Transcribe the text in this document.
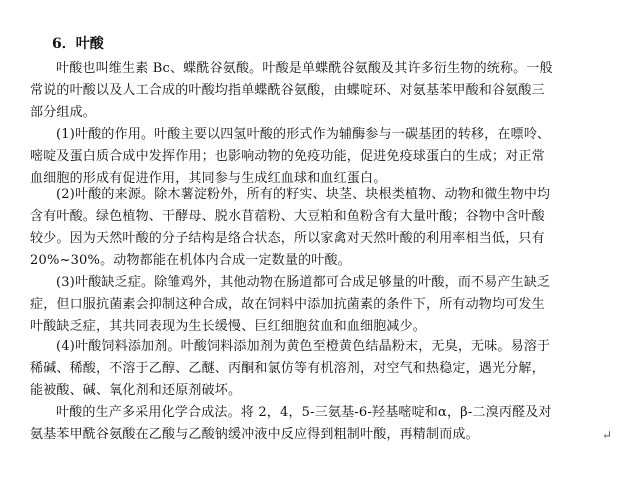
6．叶酸
叶酸也叫维生素 Bc、蝶酰谷氨酸。叶酸是单蝶酰谷氨酸及其许多衍生物的统称。一般
常说的叶酸以及人工合成的叶酸均指单蝶酰谷氨酸，由蝶啶环、对氨基苯甲酸和谷氨酸三
部分组成。
(1)叶酸的作用。叶酸主要以四氢叶酸的形式作为辅酶参与一碳基团的转移，在嘌呤、
嘧啶及蛋白质合成中发挥作用；也影响动物的免疫功能，促进免疫球蛋白的生成；对正常
血细胞的形成有促进作用，其同参与生成红血球和血红蛋白。
(2)叶酸的来源。除木薯淀粉外，所有的籽实、块茎、块根类植物、动物和微生物中均
含有叶酸。绿色植物、干酵母、脱水苜蓿粉、大豆粕和鱼粉含有大量叶酸；谷物中含叶酸
较少。因为天然叶酸的分子结构是络合状态，所以家禽对天然叶酸的利用率相当低，只有
20%~30%。动物都能在机体内合成一定数量的叶酸。
(3)叶酸缺乏症。除雏鸡外，其他动物在肠道都可合成足够量的叶酸，而不易产生缺乏
症，但口服抗菌素会抑制这种合成，故在饲料中添加抗菌素的条件下，所有动物均可发生
叶酸缺乏症，其共同表现为生长缓慢、巨红细胞贫血和血细胞减少。
(4)叶酸饲料添加剂。叶酸饲料添加剂为黄色至橙黄色结晶粉末，无臭，无味。易溶于
稀碱、稀酸，不溶于乙醇、乙醚、丙酮和氯仿等有机溶剂，对空气和热稳定，遇光分解，
能被酸、碱、氧化剂和还原剂破坏。
叶酸的生产多采用化学合成法。将 2，4，5-三氨基-6-羟基嘧啶和α，β-二溴丙醛及对
氨基苯甲酰谷氨酸在乙酸与乙酸钠缓冲液中反应得到粗制叶酸，再精制而成。	↵
